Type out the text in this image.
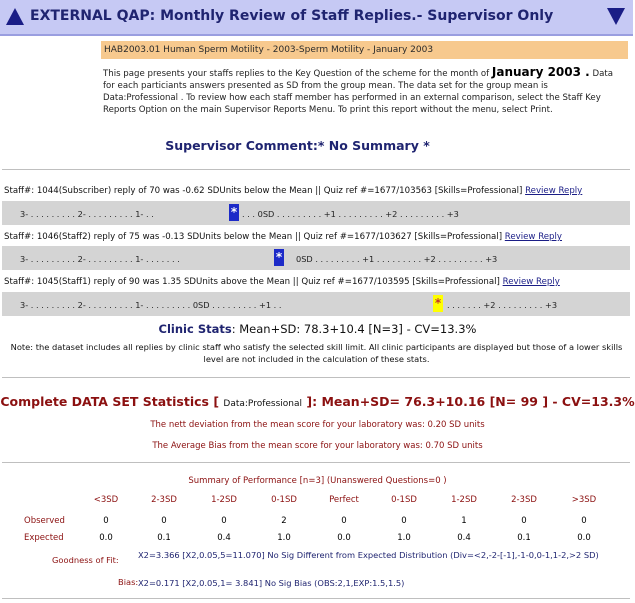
EXTERNAL QAP: Monthly Review of Staff Replies.- Supervisor Only
HAB2003.01 Human Sperm Motility - 2003-Sperm Motility - January 2003
This page presents your staffs replies to the Key Question of the scheme for the month of January 2003 . Data for each particiants answers presented as SD from the group mean. The data set for the group mean is Data:Professional . To review how each staff member has performed in an external comparison, select the Staff Key Reports Option on the main Supervisor Reports Menu. To print this report without the menu, select Print.
Supervisor Comment:* No Summary *
Staff#: 1044(Subscriber) reply of 70 was -0.62 SDUnits below the Mean || Quiz ref #=1677/103563 [Skills=Professional] Review Reply
3- . . . . . . . . . 2- . . . . . . . . . 1- . .	* . . . 0SD . . . . . . . . . +1 . . . . . . . . . +2 . . . . . . . . . +3
Staff#: 1046(Staff2) reply of 75 was -0.13 SDUnits below the Mean || Quiz ref #=1677/103627 [Skills=Professional] Review Reply
3- . . . . . . . . . 2- . . . . . . . . . 1- . . . . . . .	* 0SD . . . . . . . . . +1 . . . . . . . . . +2 . . . . . . . . . +3
Staff#: 1045(Staff1) reply of 90 was 1.35 SDUnits above the Mean || Quiz ref #=1677/103595 [Skills=Professional] Review Reply
3- . . . . . . . . . 2- . . . . . . . . . 1- . . . . . . . . . 0SD . . . . . . . . . +1 . .	* . . . . . . . +2 . . . . . . . . . +3
Clinic Stats: Mean+SD: 78.3+10.4 [N=3] - CV=13.3%
Note: the dataset includes all replies by clinic staff who satisfy the selected skill limit. All clinic participants are displayed but those of a lower skills level are not included in the calculation of these stats.
Complete DATA SET Statistics [ Data:Professional ]: Mean+SD= 76.3+10.16 [N= 99 ] - CV=13.3%
The nett deviation from the mean score for your laboratory was: 0.20 SD units
The Average Bias from the mean score for your laboratory was: 0.70 SD units
Summary of Performance [n=3] (Unanswered Questions=0 )
<3SD	2-3SD	1-2SD	0-1SD	Perfect	0-1SD	1-2SD	2-3SD	>3SD
0	0	0	2	0	0	1	0	0
0.0	0.1	0.4	1.0	0.0	1.0	0.4	0.1	0.0
Observed
Expected
Goodness of Fit: X2=3.366 [X2,0.05,5=11.070] No Sig Different from Expected Distribution (Div=<2,-2-[-1],-1-0,0-1,1-2,>2 SD)
Bias: X2=0.171 [X2,0.05,1= 3.841] No Sig Bias (OBS:2,1,EXP:1.5,1.5)
